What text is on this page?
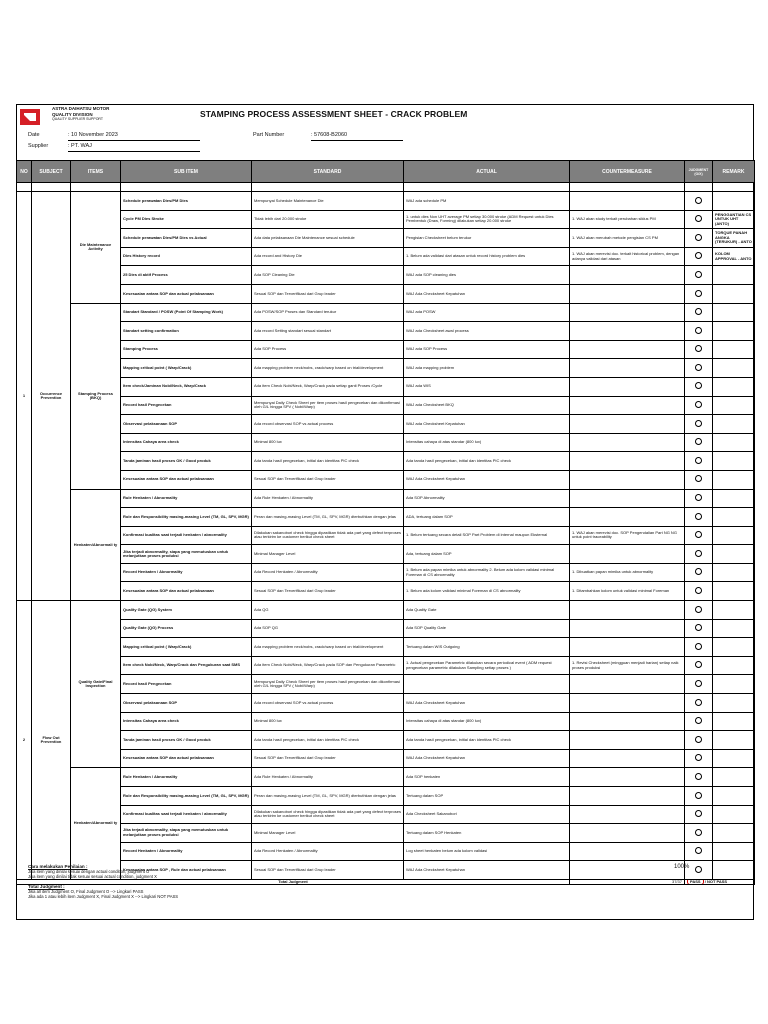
ASTRA DAIHATSU MOTOR
QUALITY DIVISION
QUALITY SUPPLIER SUPPORT	STAMPING PROCESS ASSESSMENT SHEET - CRACK PROBLEM
Date	: 10 November 2023
Supplier	: PT. WAJ
Part Number	: 57608-B2060
NO	SUBJECT	ITEMS	SUB ITEM	STANDARD	ACTUAL	COUNTERMEASURE	JUDGMENT (O/X)	REMARK

1	Occurrence Prevention	Die Maintenance Activity	Schedule perawatan Dies/PM Dies	Mempunyai Schedule Maintenance Die	WAJ ada schedule PM			
			Cycle PM Dies Stroke	Tidak lebih dari 20.000 stroke	1. untuk dies Non UHT average PM setiap 30.000 stroke (ADM Request untuk Dies Pembentuk (Draw, Forming) dilakukan setiap 20.000 stroke	1. WAJ akan study terkait perubahan siklus PM		PENGGANTIAN CS UNTUK UHT (ANTO)
			Schedule perawatan Dies/PM Dies vs Actual	Ada data pelaksanaan Die Maintenance sesuai schedule	Pengisian Checksheet belum terukur	1. WAJ akan merubah metode pengisian CS PM		TORQUE PANAH ANGKA (TERUKUR) - ANTO
			Dies History record	Ada record and History Die	1. Belum ada validasi dari atasan untuk record history problem dies	1. WAJ akan merevisi doc. terkait historical problem, dengan adanya validasi dari atasan		KOLOM APPROVAL - ANTO
			25 Dies di aktif Process	Ada SOP Cleaning Die	WAJ ada SOP cleaning dies			
			Kesesuaian antara SOP dan actual pelaksanaan	Sesuai SOP dan Terverifikasi dari Grup leader	WAJ Ada Checksheet Kepatuhan			
		Stamping Process (BKQ)	Standart Standard / POSW (Point Of Stamping Work)	Ada POSW/SOP Proses dan Standard terukur	WAJ ada POSW			
			Standart setting confirmation	Ada record Setting standart sesuai standart	WAJ ada Checksheet awal process			
			Stamping Process	Ada SOP Process	WAJ ada SOP Process			
			Mapping critical point ( Warp/Crack)	Ada mapping problem neck/nobs, crack/warp based on trial/development	WAJ ada mapping problem			
			Item check/Jaminan Nobi/Neck, Warp/Crack	Ada item Check Nobi/Neck, Warp/Crack pada setiap ganti Proses /Cycle	WAJ ada WIS			
			Record hasil Pengecekan	Mempunyai Daily Check Sheet per item proses hasil pengecekan dan dikonfirmasi oleh G/L hingga SPV ( Nobi/Warp)	WAJ ada Checksheet BKQ			
			Observasi pelaksanaan SOP	Ada record observasi SOP vs actual process	WAJ ada Checksheet Kepatuhan			
			Intensitas Cahaya area check	Minimal 800 lux	Intensitas cahaya di atas standar (800 lux)			
			Tanda jaminan hasil proses OK / Good produk	Ada tanda hasil pengecekan, initial dan identitas PIC check	Ada tanda hasil pengecekan, initial dan identitas PIC check			
			Kesesuaian antara SOP dan actual pelaksanaan	Sesuai SOP dan Terverifikasi dari Grup leader	WAJ Ada Checksheet Kepatuhan			
		Henkaten/Abnormali ty	Rule Henkaten / Abnormality	Ada Rule Henkaten / Abnormality	Ada SOP Abnormality			
			Role dan Responsibility masing-masing Level (TM, GL, SPV, MGR)	Peran dan masing-masing Level (TM, GL, SPV, MGR) dterbuthkan dengan jelas	ADA, tertuang dalam SOP			
			Konfirmasi kualitas saat terjadi henkaten / abnormality	Dilakukan sakanobori check hingga dipastikan tidak ada part yang defect terproses atau terkirim ke customer berikut check sheet	1. Belum tertuang secara detail SOP Part Problem di internal maupun Eksternal	1. WAJ akan merevisi doc. SOP Pengendalian Part NG NG untuk point traceability		
			Jika terjadi abnormality, siapa yang memutuskan untuk melanjutkan proses produksi	Minimal Manager Level	Ada, tertuang dalam SOP			
			Record Henkaten / Abnormality	Ada Record Henkaten / Abnormality	1. Belum ada papan mimika untuk abnormality 2. Belum ada kolom validasi minimal Foreman di CS abnormality	1. Dibuatkan papan mimika untuk abnormality		
			Kesesuaian antara SOP dan actual pelaksanaan	Sesuai SOP dan Terverifikasi dari Grup leader	1. Belum ada kolom validasi minimal Foreman di CS abnormality	1. Ditambahkan kolom untuk validasi minimal Foreman		
2	Flow Out Prevention	Quality Gate/Final Inspection	Quality Gate (QG) System	Ada QG	Ada Quality Gate			
			Quality Gate (QG) Process	Ada SOP QG	Ada SOP Quality Gate			
			Mapping critical point ( Warp/Crack)	Ada mapping problem neck/nobs, crack/warp based on trial/development	Tertuang dalam WIS Outgoing			
			Item check Nobi/Neck, Warp/Crack dan Pengukuran saat SMS	Ada item Check Nobi/Neck, Warp/Crack pada SOP dan Pengukuran Parametric	1. Actual pengecekan Parametric dilakukan secara periodical event ( ADM request pengecekan parametric dilakukan Sampling setiap proses )	1. Revisi Checksheet (mingguan menjadi harian) setiap naik proses produksi		
			Record hasil Pengecekan	Mempunyai Daily Check Sheet per item proses hasil pengecekan dan dikonfirmasi oleh G/L hingga SPV ( Nobi/Warp)				
			Observasi pelaksanaan SOP	Ada record observasi SOP vs actual process	WAJ Ada Checksheet Kepatuhan			
			Intensitas Cahaya area check	Minimal 800 lux	Intensitas cahaya di atas standar (800 lux)			
			Tanda jaminan hasil proses OK / Good produk	Ada tanda hasil pengecekan, initial dan identitas PIC check	Ada tanda hasil pengecekan, initial dan identitas PIC check			
			Kesesuaian antara SOP dan actual pelaksanaan	Sesuai SOP dan Terverifikasi dari Grup leader	WAJ Ada Checksheet Kepatuhan			
		Henkaten/Abnormali ty	Rule Henkaten / Abnormality	Ada Rule Henkaten / Abnormality	Ada SOP henkaten			
			Role dan Responsibility masing-masing Level (TM, GL, SPV, MGR)	Peran dan masing-masing Level (TM, GL, SPV, MGR) dterbuthkan dengan jelas	Tertuang dalam SOP			
			Konfirmasi kualitas saat terjadi henkaten / abnormality	Dilakukan sakanobori check hingga dipastikan tidak ada part yang defect terproses atau terkirim ke customer berikut check sheet	Ada Checksheet Sakanobori			
			Jika terjadi abnormality, siapa yang memutuskan untuk melanjutkan proses produksi	Minimal Manager Level	Tertuang dalam SOP Henkaten			
			Record Henkaten / Abnormality	Ada Record Henkaten / Abnormality	Log sheet henkaten belum ada kolom validasi			
			Kesesuaian antara SOP , Rule dan actual pelaksanaan	Sesuai SOP dan Terverifikasi dari Grup leader	WAJ Ada Checksheet Kepatuhan			
Total Judgment						37/37	PASS / NOT PASS	
100%
Cara melakukan Penilaian :
Jika item yang dinilai sesuai dengan actual condition, judgment O
Jika item yang dinilai tidak sesuai sesuai actual condition, judgment X
Total Judgment :
Jika all item Judgment O, Final Judgment O --> Lingkari PASS
Jika ada 1 atau lebih item Judgment X, Final Judgment X --> Lingkari NOT PASS
